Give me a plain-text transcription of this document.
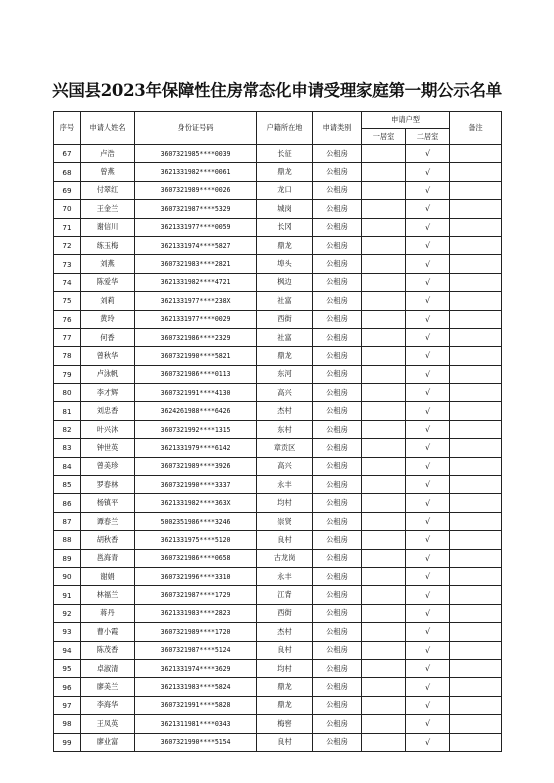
兴国县2023年保障性住房常态化申请受理家庭第一期公示名单
序号	申请人姓名	身份证号码	户籍所在地	申请类别	申请户型		备注
					一居室	二居室	
67	卢浩	3607321985****0039	长征	公租房		√	
68	曾燕	3621331982****0061	鼎龙	公租房		√	
69	付翠红	3607321989****0026	龙口	公租房		√	
70	王金兰	3607321987****5329	城岗	公租房		√	
71	谢信川	3621331977****0059	长冈	公租房		√	
72	练玉梅	3621331974****5827	鼎龙	公租房		√	
73	刘燕	3607321983****2821	埠头	公租房		√	
74	陈爱华	3621331982****4721	枫边	公租房		√	
75	刘莉	3621331977****238X	社富	公租房		√	
76	黄玲	3621331977****0029	西街	公租房		√	
77	何香	3607321986****2329	社富	公租房		√	
78	曾秋华	3607321990****5821	鼎龙	公租房		√	
79	卢泳帆	3607321986****0113	东河	公租房		√	
80	李才辉	3607321991****4130	高兴	公租房		√	
81	刘忠香	3624261988****6426	杰村	公租房		√	
82	叶兴沐	3607321992****1315	东村	公租房		√	
83	钟世英	3621331979****6142	章贡区	公租房		√	
84	曾美珍	3607321989****3926	高兴	公租房		√	
85	罗春林	3607321990****3337	永丰	公租房		√	
86	杨镇平	3621331982****363X	均村	公租房		√	
87	谭春兰	5002351986****3246	崇贤	公租房		√	
88	胡秋香	3621331975****5120	良村	公租房		√	
89	邕海青	3607321986****0658	古龙岗	公租房		√	
90	谢娟	3607321996****3310	永丰	公租房		√	
91	林福兰	3607321987****1729	江背	公租房		√	
92	蒋丹	3621331983****2823	西街	公租房		√	
93	曹小霞	3607321989****1720	杰村	公租房		√	
94	陈茂香	3607321987****5124	良村	公租房		√	
95	卓淑清	3621331974****3629	均村	公租房		√	
96	廖美兰	3621331983****5824	鼎龙	公租房		√	
97	李海华	3607321991****5828	鼎龙	公租房		√	
98	王凤英	3621311981****0343	梅窖	公租房		√	
99	廖业富	3607321990****5154	良村	公租房		√	
